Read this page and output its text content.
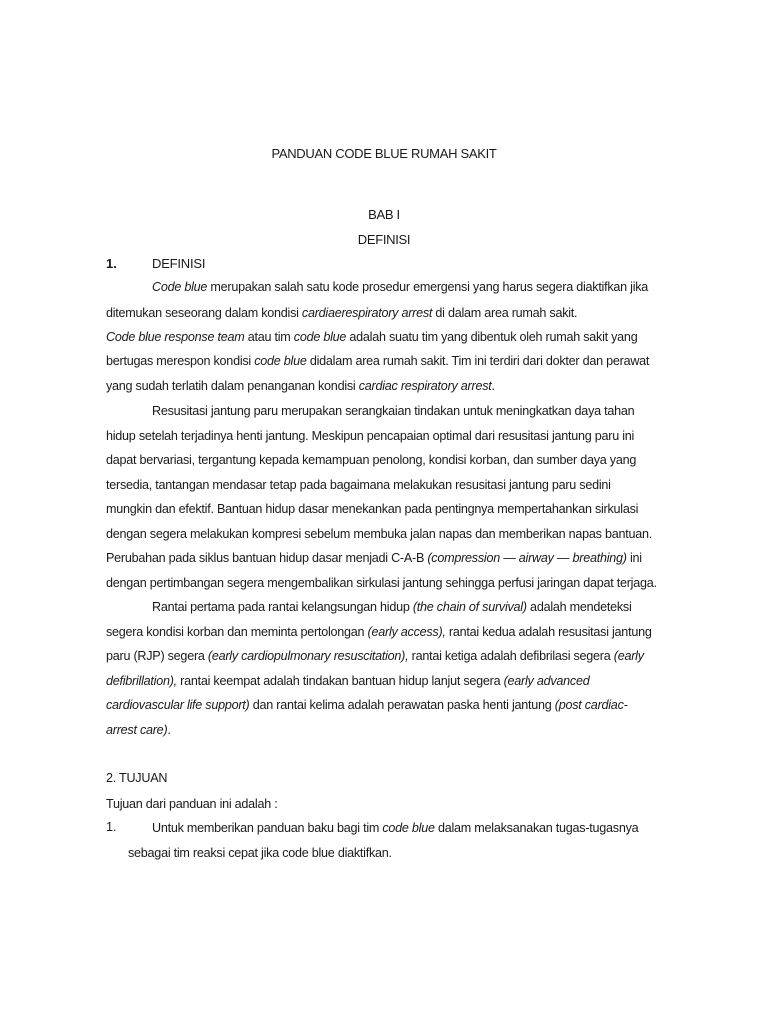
PANDUAN CODE BLUE RUMAH SAKIT
BAB I
DEFINISI
1.	DEFINISI
Code blue merupakan salah satu kode prosedur emergensi yang harus segera diaktifkan jika
ditemukan seseorang dalam kondisi cardiaerespiratory arrest di dalam area rumah sakit.
Code blue response team atau tim code blue adalah suatu tim yang dibentuk oleh rumah sakit yang
bertugas merespon kondisi code blue didalam area rumah sakit. Tim ini terdiri dari dokter dan perawat
yang sudah terlatih dalam penanganan kondisi cardiac respiratory arrest.
Resusitasi jantung paru merupakan serangkaian tindakan untuk meningkatkan daya tahan
hidup setelah terjadinya henti jantung. Meskipun pencapaian optimal dari resusitasi jantung paru ini
dapat bervariasi, tergantung kepada kemampuan penolong, kondisi korban, dan sumber daya yang
tersedia, tantangan mendasar tetap pada bagaimana melakukan resusitasi jantung paru sedini
mungkin dan efektif. Bantuan hidup dasar menekankan pada pentingnya mempertahankan sirkulasi
dengan segera melakukan kompresi sebelum membuka jalan napas dan memberikan napas bantuan.
Perubahan pada siklus bantuan hidup dasar menjadi C-A-B (compression — airway — breathing) ini
dengan pertimbangan segera mengembalikan sirkulasi jantung sehingga perfusi jaringan dapat terjaga.
Rantai pertama pada rantai kelangsungan hidup (the chain of survival) adalah mendeteksi
segera kondisi korban dan meminta pertolongan (early access), rantai kedua adalah resusitasi jantung
paru (RJP) segera (early cardiopulmonary resuscitation), rantai ketiga adalah defibrilasi segera (early
defibrillation), rantai keempat adalah tindakan bantuan hidup lanjut segera (early advanced
cardiovascular life support) dan rantai kelima adalah perawatan paska henti jantung (post cardiac-
arrest care).
2. TUJUAN
Tujuan dari panduan ini adalah :
1.	Untuk memberikan panduan baku bagi tim code blue dalam melaksanakan tugas-tugasnya
sebagai tim reaksi cepat jika code blue diaktifkan.
